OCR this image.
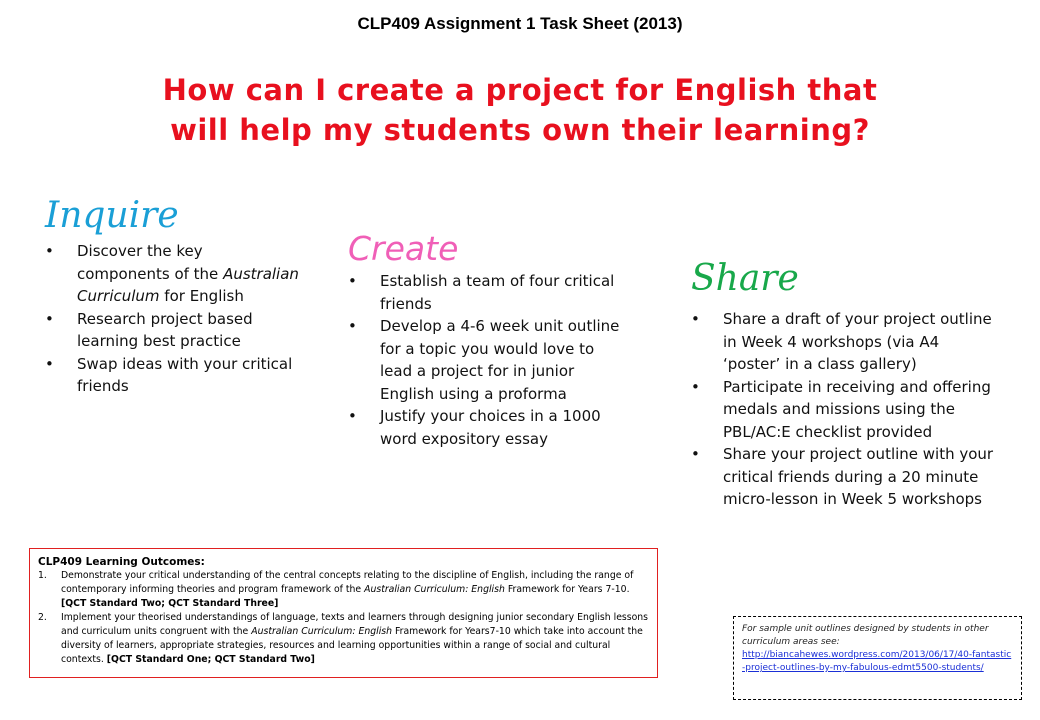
CLP409 Assignment 1 Task Sheet (2013)
How can I create a project for English that
will help my students own their learning?
Inquire
• Discover the key components of the Australian Curriculum for English
• Research project based learning best practice
• Swap ideas with your critical friends
Create
• Establish a team of four critical friends
• Develop a 4-6 week unit outline for a topic you would love to lead a project for in junior English using a proforma
• Justify your choices in a 1000 word expository essay
Share
• Share a draft of your project outline in Week 4 workshops (via A4 ‘poster’ in a class gallery)
• Participate in receiving and offering medals and missions using the PBL/AC:E checklist provided
• Share your project outline with your critical friends during a 20 minute micro-lesson in Week 5 workshops
CLP409 Learning Outcomes:
1. Demonstrate your critical understanding of the central concepts relating to the discipline of English, including the range of contemporary informing theories and program framework of the Australian Curriculum: English Framework for Years 7-10. [QCT Standard Two; QCT Standard Three]
2. Implement your theorised understandings of language, texts and learners through designing junior secondary English lessons and curriculum units congruent with the Australian Curriculum: English Framework for Years7-10 which take into account the diversity of learners, appropriate strategies, resources and learning opportunities within a range of social and cultural contexts. [QCT Standard One; QCT Standard Two]
For sample unit outlines designed by students in other curriculum areas see:
http://biancahewes.wordpress.com/2013/06/17/40-fantastic-project-outlines-by-my-fabulous-edmt5500-students/
